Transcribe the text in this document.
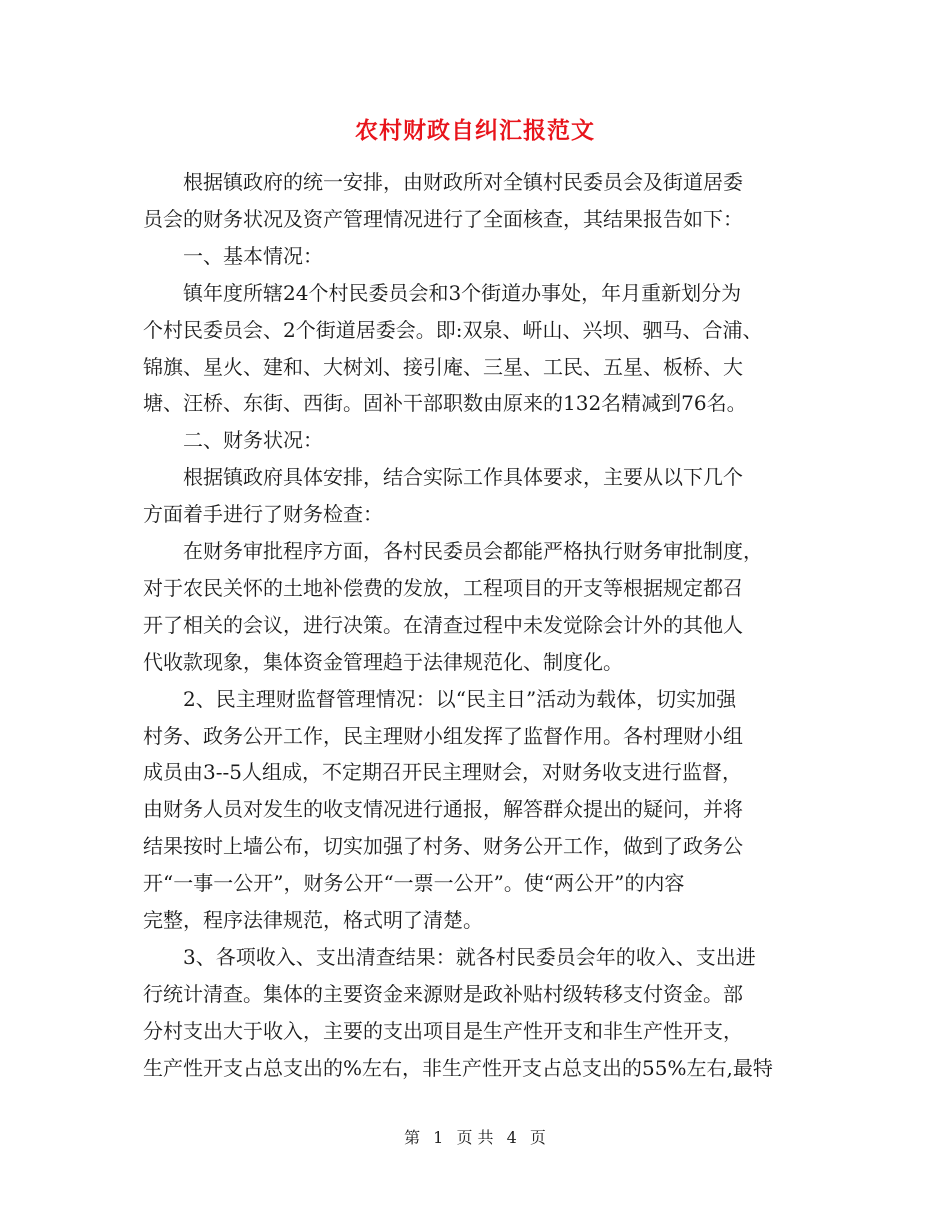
农村财政自纠汇报范文
　　根据镇政府的统一安排，由财政所对全镇村民委员会及街道居委
员会的财务状况及资产管理情况进行了全面核查，其结果报告如下：
　　一、基本情况：
　　镇年度所辖24个村民委员会和3个街道办事处，年月重新划分为
个村民委员会、2个街道居委会。即:双泉、岍山、兴坝、驷马、合浦、
锦旗、星火、建和、大树刘、接引庵、三星、工民、五星、板桥、大
塘、汪桥、东街、西街。固补干部职数由原来的132名精减到76名。
　　二、财务状况：
　　根据镇政府具体安排，结合实际工作具体要求，主要从以下几个
方面着手进行了财务检查：
　　在财务审批程序方面，各村民委员会都能严格执行财务审批制度，
对于农民关怀的土地补偿费的发放，工程项目的开支等根据规定都召
开了相关的会议，进行决策。在清查过程中未发觉除会计外的其他人
代收款现象，集体资金管理趋于法律规范化、制度化。
　　2、民主理财监督管理情况：以“民主日”活动为载体，切实加强
村务、政务公开工作，民主理财小组发挥了监督作用。各村理财小组
成员由3--5人组成，不定期召开民主理财会，对财务收支进行监督，
由财务人员对发生的收支情况进行通报，解答群众提出的疑问，并将
结果按时上墙公布，切实加强了村务、财务公开工作，做到了政务公
开“一事一公开”，财务公开“一票一公开”。使“两公开”的内容
完整，程序法律规范，格式明了清楚。
　　3、各项收入、支出清查结果：就各村民委员会年的收入、支出进
行统计清查。集体的主要资金来源财是政补贴村级转移支付资金。部
分村支出大于收入，主要的支出项目是生产性开支和非生产性开支，
生产性开支占总支出的%左右，非生产性开支占总支出的55%左右,最特
第 1 页 共 4 页
